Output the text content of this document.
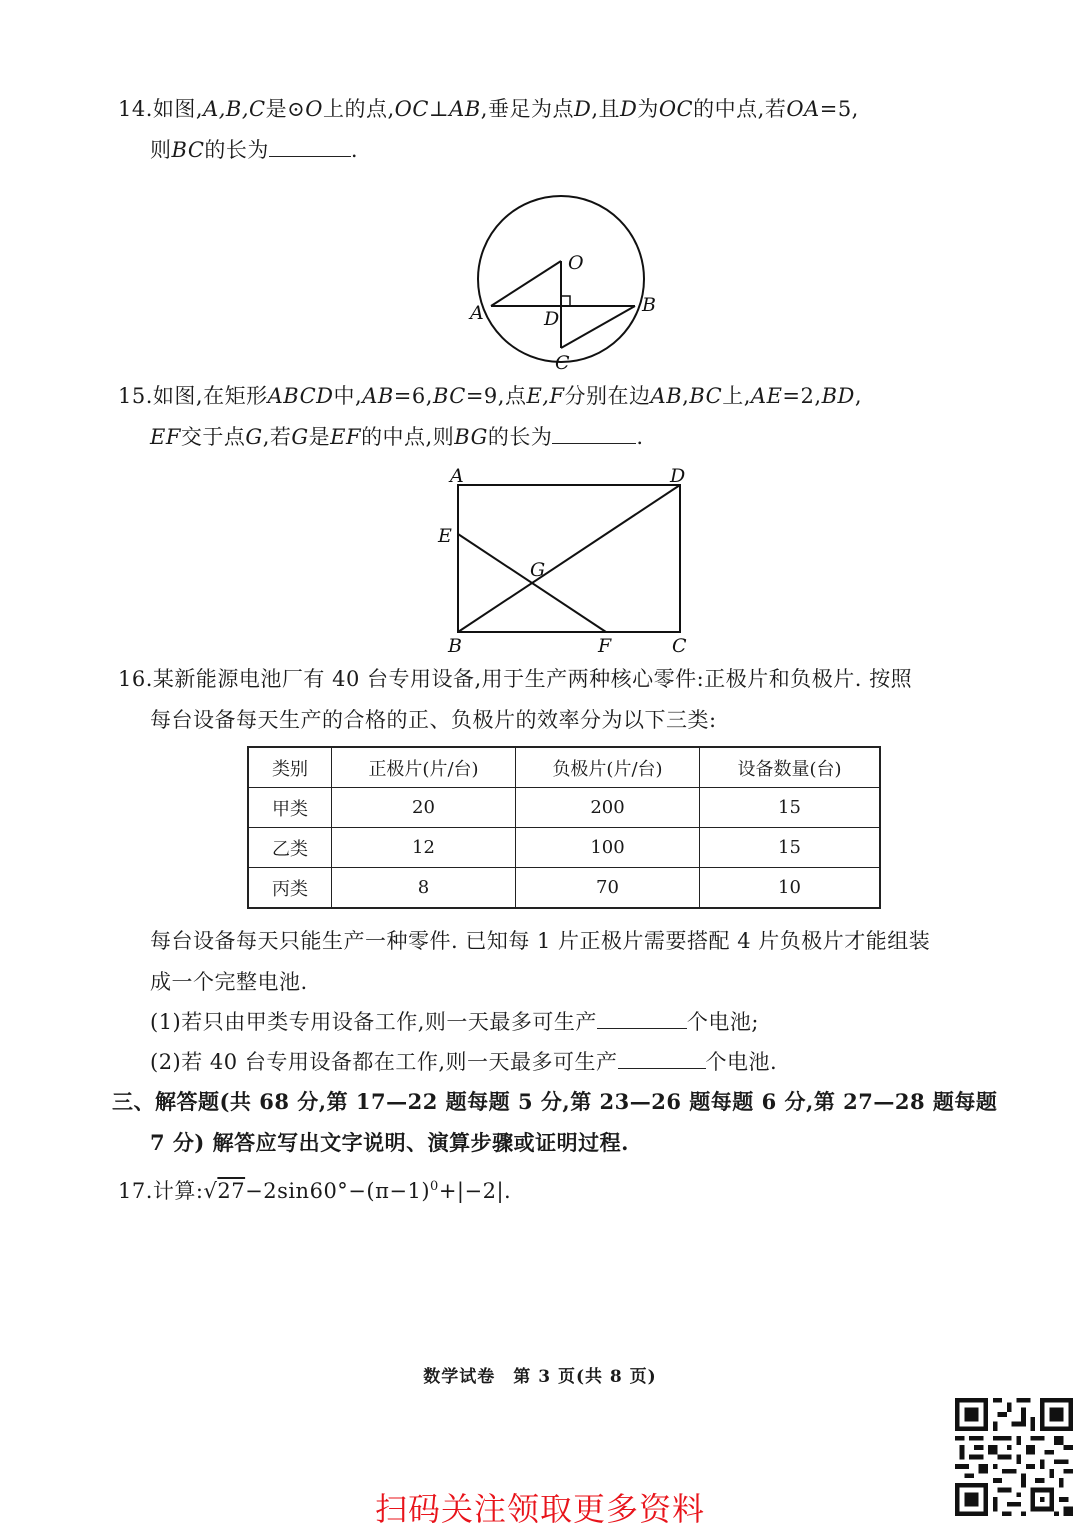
14.如图,A,B,C是⊙O上的点,OC⊥AB,垂足为点D,且D为OC的中点,若OA=5,
则BC的长为	.
O
A	B
D
C
15.如图,在矩形ABCD中,AB=6,BC=9,点E,F分别在边AB,BC上,AE=2,BD,
EF交于点G,若G是EF的中点,则BG的长为	.
A	D
E
G
B	F	C
16.某新能源电池厂有 40 台专用设备,用于生产两种核心零件:正极片和负极片. 按照
每台设备每天生产的合格的正、负极片的效率分为以下三类:
类别	正极片(片/台)	负极片(片/台)	设备数量(台)
甲类	20	200	15
乙类	12	100	15
丙类	8	70	10
每台设备每天只能生产一种零件. 已知每 1 片正极片需要搭配 4 片负极片才能组装
成一个完整电池.
(1)若只由甲类专用设备工作,则一天最多可生产	个电池;
(2)若 40 台专用设备都在工作,则一天最多可生产	个电池.
三、解答题(共 68 分,第 17—22 题每题 5 分,第 23—26 题每题 6 分,第 27—28 题每题
7 分) 解答应写出文字说明、演算步骤或证明过程.
17.计算$:√27-2\sin 60^\circ-(\pi-1)^0+|-2|$.
数学试卷　第 3 页(共 8 页)
扫码关注领取更多资料
